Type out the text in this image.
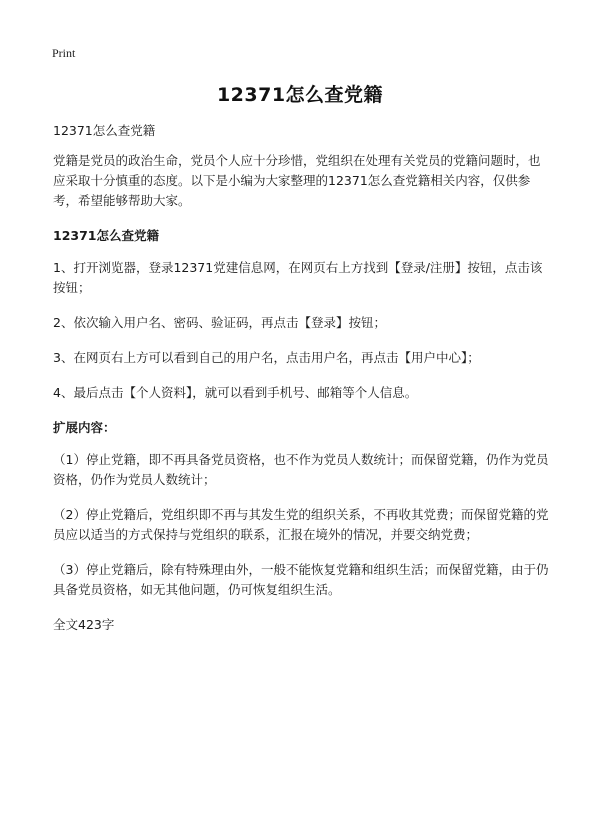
Print
12371怎么查党籍

12371怎么查党籍

党籍是党员的政治生命，党员个人应十分珍惜，党组织在处理有关党员的党籍问题时，也应采取十分慎重的态度。以下是小编为大家整理的12371怎么查党籍相关内容，仅供参考，希望能够帮助大家。

12371怎么查党籍

1、打开浏览器，登录12371党建信息网，在网页右上方找到【登录/注册】按钮，点击该按钮；

2、依次输入用户名、密码、验证码，再点击【登录】按钮；

3、在网页右上方可以看到自己的用户名，点击用户名，再点击【用户中心】；

4、最后点击【个人资料】，就可以看到手机号、邮箱等个人信息。

扩展内容：

（1）停止党籍，即不再具备党员资格，也不作为党员人数统计；而保留党籍，仍作为党员资格，仍作为党员人数统计；

（2）停止党籍后，党组织即不再与其发生党的组织关系，不再收其党费；而保留党籍的党员应以适当的方式保持与党组织的联系，汇报在境外的情况，并要交纳党费；

（3）停止党籍后，除有特殊理由外，一般不能恢复党籍和组织生活；而保留党籍，由于仍具备党员资格，如无其他问题，仍可恢复组织生活。

全文423字
